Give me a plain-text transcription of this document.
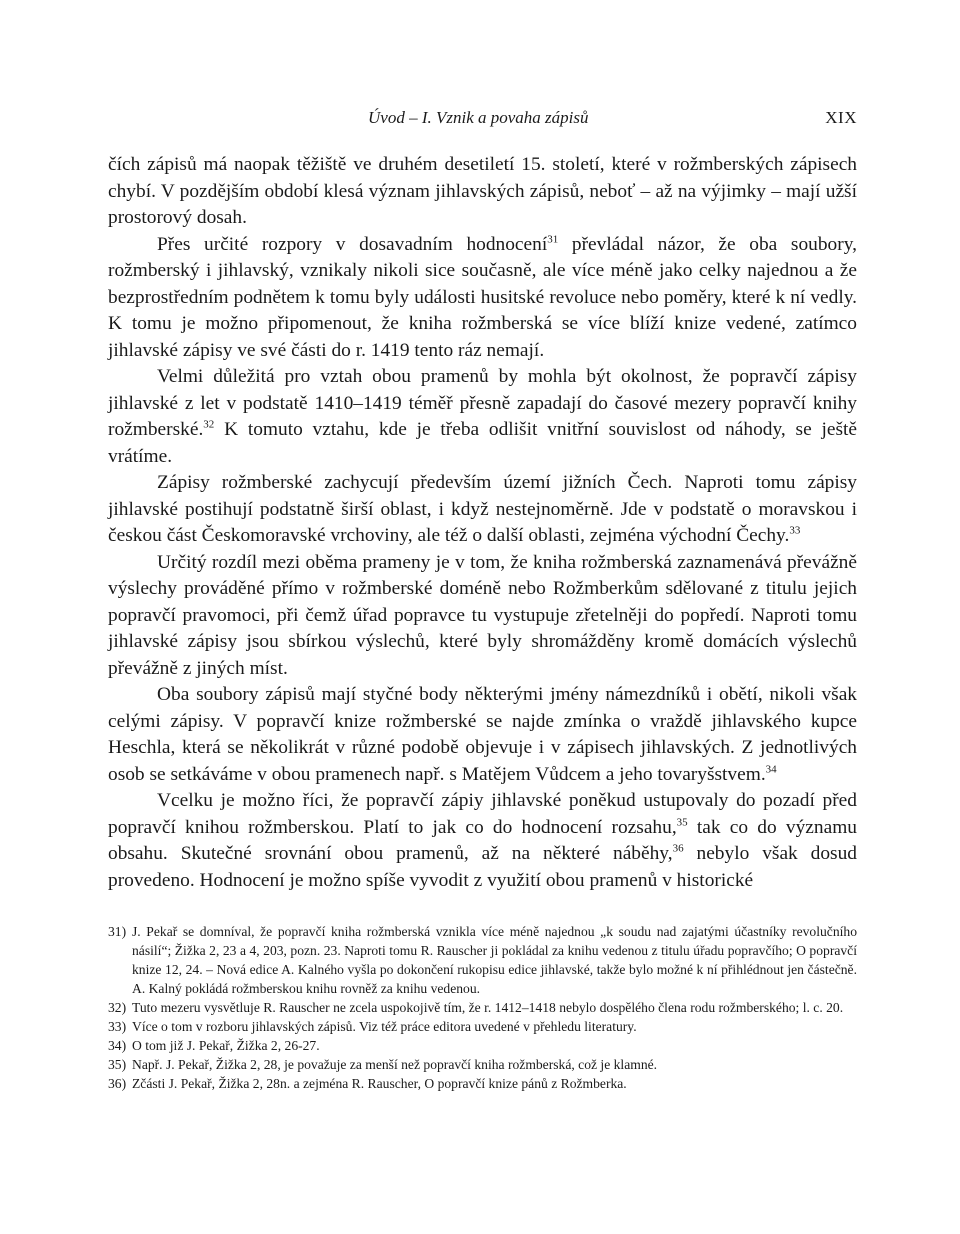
Úvod – I. Vznik a povaha zápisů	XIX

čích zápisů má naopak těžiště ve druhém desetiletí 15. století, které v rožmberských zápisech chybí. V pozdějším období klesá význam jihlavských zápisů, neboť – až na výjimky – mají užší prostorový dosah.

Přes určité rozpory v dosavadním hodnocení$^{31}$ převládal názor, že oba soubory, rožmberský i jihlavský, vznikaly nikoli sice současně, ale více méně jako celky najednou a že bezprostředním podnětem k tomu byly události husitské revoluce nebo poměry, které k ní vedly. K tomu je možno připomenout, že kniha rožmberská se více blíží knize vedené, zatímco jihlavské zápisy ve své části do r. 1419 tento ráz nemají.

Velmi důležitá pro vztah obou pramenů by mohla být okolnost, že popravčí zápisy jihlavské z let v podstatě 1410–1419 téměř přesně zapadají do časové mezery popravčí knihy rožmberské.$^{32}$ K tomuto vztahu, kde je třeba odlišit vnitřní souvislost od náhody, se ještě vrátíme.

Zápisy rožmberské zachycují především území jižních Čech. Naproti tomu zápisy jihlavské postihují podstatně širší oblast, i když nestejnoměrně. Jde v podstatě o moravskou i českou část Českomoravské vrchoviny, ale též o další oblasti, zejména východní Čechy.$^{33}$

Určitý rozdíl mezi oběma prameny je v tom, že kniha rožmberská zaznamenává převážně výslechy prováděné přímo v rožmberské doméně nebo Rožmberkům sdělované z titulu jejich popravčí pravomoci, při čemž úřad popravce tu vystupuje zřetelněji do popředí. Naproti tomu jihlavské zápisy jsou sbírkou výslechů, které byly shromážděny kromě domácích výslechů převážně z jiných míst.

Oba soubory zápisů mají styčné body některými jmény námezdníků i obětí, nikoli však celými zápisy. V popravčí knize rožmberské se najde zmínka o vraždě jihlavského kupce Heschla, která se několikrát v různé podobě objevuje i v zápisech jihlavských. Z jednotlivých osob se setkáváme v obou pramenech např. s Matějem Vůdcem a jeho tovaryšstvem.$^{34}$

Vcelku je možno říci, že popravčí zápiy jihlavské poněkud ustupovaly do pozadí před popravčí knihou rožmberskou. Platí to jak co do hodnocení rozsahu,$^{35}$ tak co do významu obsahu. Skutečné srovnání obou pramenů, až na některé náběhy,$^{36}$ nebylo však dosud provedeno. Hodnocení je možno spíše vyvodit z využití obou pramenů v historické

31) J. Pekař se domníval, že popravčí kniha rožmberská vznikla více méně najednou „k soudu nad zajatými účastníky revolučního násilí“; Žižka 2, 23 a 4, 203, pozn. 23. Naproti tomu R. Rauscher ji pokládal za knihu vedenou z titulu úřadu popravčího; O popravčí knize 12, 24. – Nová edice A. Kalného vyšla po dokončení rukopisu edice jihlavské, takže bylo možné k ní přihlédnout jen částečně. A. Kalný pokládá rožmberskou knihu rovněž za knihu vedenou.

32) Tuto mezeru vysvětluje R. Rauscher ne zcela uspokojivě tím, že r. 1412–1418 nebylo dospělého člena rodu rožmberského; l. c. 20.

33) Více o tom v rozboru jihlavských zápisů. Viz též práce editora uvedené v přehledu literatury.

34) O tom již J. Pekař, Žižka 2, 26-27.

35) Např. J. Pekař, Žižka 2, 28, je považuje za menší než popravčí kniha rožmberská, což je klamné.

36) Zčásti J. Pekař, Žižka 2, 28n. a zejména R. Rauscher, O popravčí knize pánů z Rožmberka.
